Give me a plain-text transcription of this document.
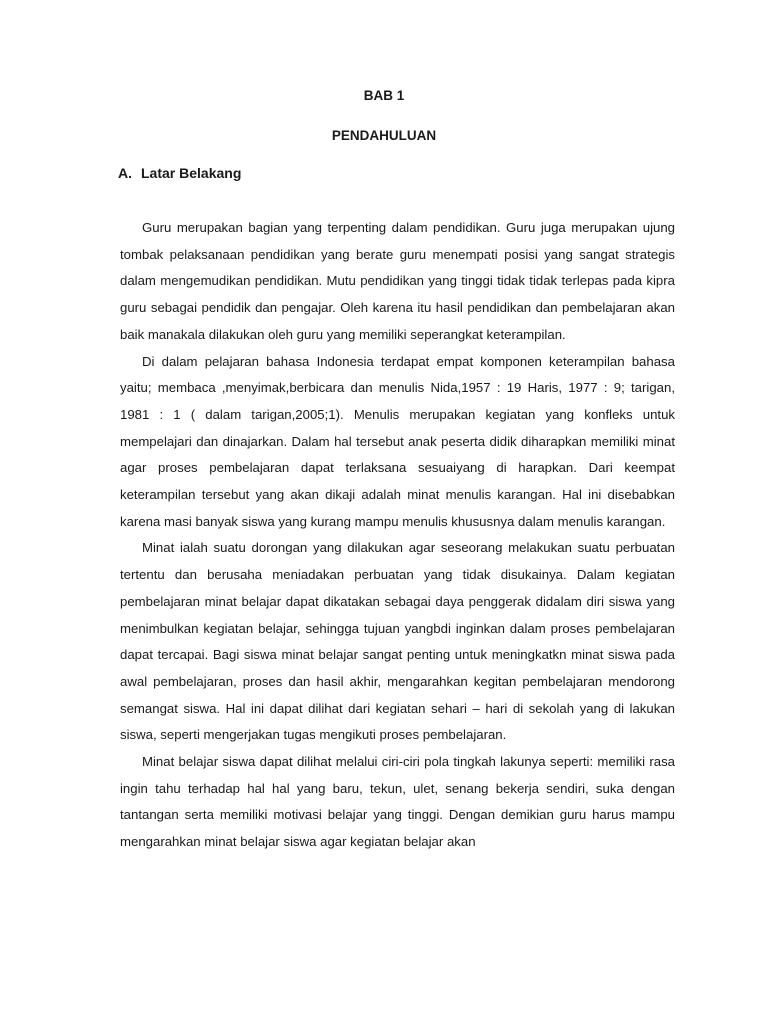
BAB 1
PENDAHULUAN
A. Latar Belakang

Guru merupakan bagian yang terpenting dalam pendidikan. Guru juga merupakan ujung tombak pelaksanaan pendidikan yang berate guru menempati posisi yang sangat strategis dalam mengemudikan pendidikan. Mutu pendidikan yang tinggi tidak tidak terlepas pada kipra guru sebagai pendidik dan pengajar. Oleh karena itu hasil pendidikan dan pembelajaran akan baik manakala dilakukan oleh guru yang memiliki seperangkat keterampilan.

Di dalam pelajaran bahasa Indonesia terdapat empat komponen keterampilan bahasa yaitu; membaca ,menyimak,berbicara dan menulis Nida,1957 : 19 Haris, 1977 : 9; tarigan, 1981 : 1 ( dalam tarigan,2005;1). Menulis merupakan kegiatan yang konfleks untuk mempelajari dan dinajarkan. Dalam hal tersebut anak peserta didik diharapkan memiliki minat agar proses pembelajaran dapat terlaksana sesuaiyang di harapkan. Dari keempat keterampilan tersebut yang akan dikaji adalah minat menulis karangan. Hal ini disebabkan karena masi banyak siswa yang kurang mampu menulis khususnya dalam menulis karangan.

Minat ialah suatu dorongan yang dilakukan agar seseorang melakukan suatu perbuatan tertentu dan berusaha meniadakan perbuatan yang tidak disukainya. Dalam kegiatan pembelajaran minat belajar dapat dikatakan sebagai daya penggerak didalam diri siswa yang menimbulkan kegiatan belajar, sehingga tujuan yangbdi inginkan dalam proses pembelajaran dapat tercapai. Bagi siswa minat belajar sangat penting untuk meningkatkn minat siswa pada awal pembelajaran, proses dan hasil akhir, mengarahkan kegitan pembelajaran mendorong semangat siswa. Hal ini dapat dilihat dari kegiatan sehari – hari di sekolah yang di lakukan siswa, seperti mengerjakan tugas mengikuti proses pembelajaran.

Minat belajar siswa dapat dilihat melalui ciri-ciri pola tingkah lakunya seperti: memiliki rasa ingin tahu terhadap hal hal yang baru, tekun, ulet, senang bekerja sendiri, suka dengan tantangan serta memiliki motivasi belajar yang tinggi. Dengan demikian guru harus mampu mengarahkan minat belajar siswa agar kegiatan belajar akan
